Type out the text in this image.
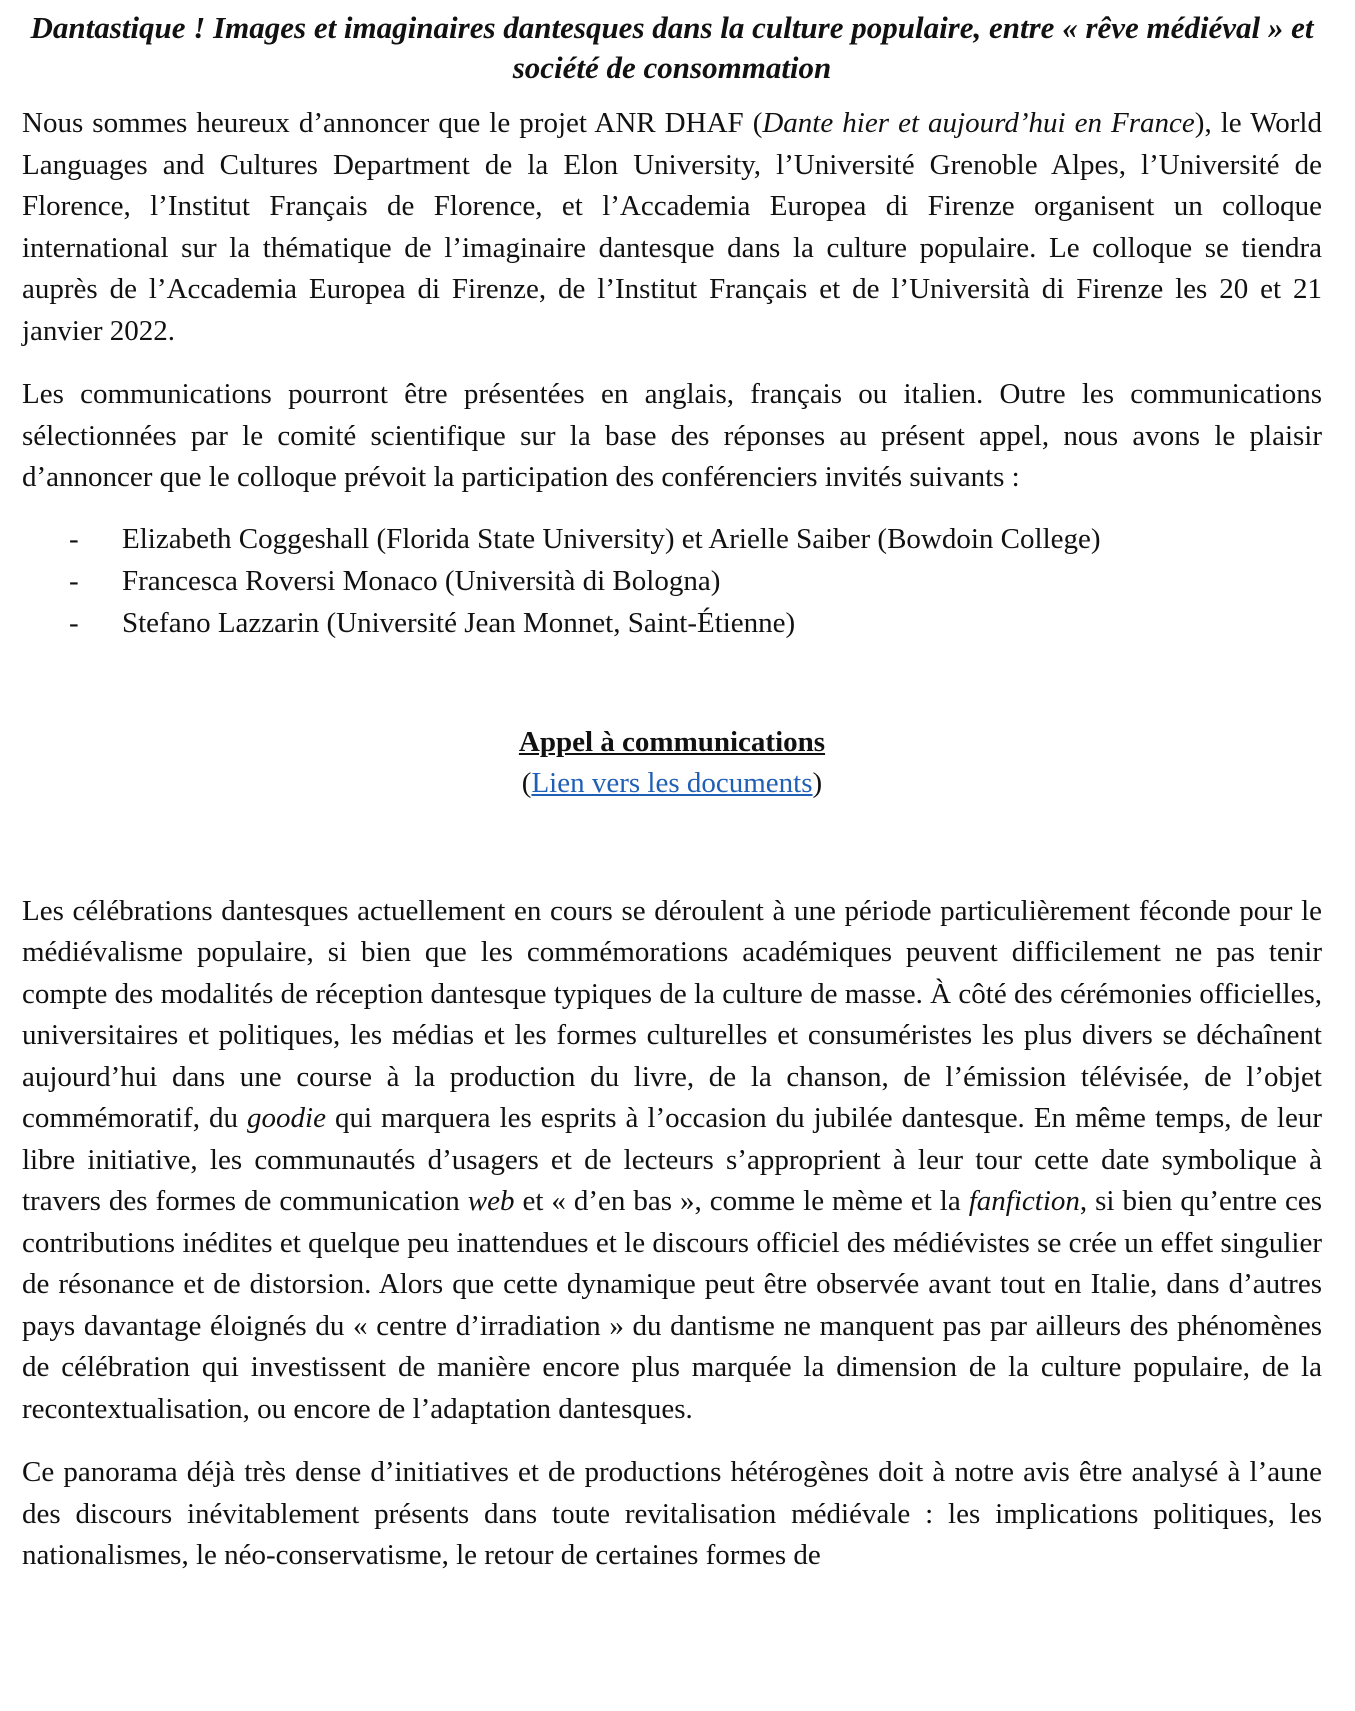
Dantastique ! Images et imaginaires dantesques dans la culture populaire, entre « rêve médiéval » et société de consommation

Nous sommes heureux d’annoncer que le projet ANR DHAF (Dante hier et aujourd’hui en France), le World Languages and Cultures Department de la Elon University, l’Université Grenoble Alpes, l’Université de Florence, l’Institut Français de Florence, et l’Accademia Europea di Firenze organisent un colloque international sur la thématique de l’imaginaire dantesque dans la culture populaire. Le colloque se tiendra auprès de l’Accademia Europea di Firenze, de l’Institut Français et de l’Università di Firenze les 20 et 21 janvier 2022.

Les communications pourront être présentées en anglais, français ou italien. Outre les communications sélectionnées par le comité scientifique sur la base des réponses au présent appel, nous avons le plaisir d’annoncer que le colloque prévoit la participation des conférenciers invités suivants :

- Elizabeth Coggeshall (Florida State University) et Arielle Saiber (Bowdoin College)
- Francesca Roversi Monaco (Università di Bologna)
- Stefano Lazzarin (Université Jean Monnet, Saint-Étienne)
Appel à communications
(Lien vers les documents)

Les célébrations dantesques actuellement en cours se déroulent à une période particulièrement féconde pour le médiévalisme populaire, si bien que les commémorations académiques peuvent difficilement ne pas tenir compte des modalités de réception dantesque typiques de la culture de masse. À côté des cérémonies officielles, universitaires et politiques, les médias et les formes culturelles et consuméristes les plus divers se déchaînent aujourd’hui dans une course à la production du livre, de la chanson, de l’émission télévisée, de l’objet commémoratif, du goodie qui marquera les esprits à l’occasion du jubilée dantesque. En même temps, de leur libre initiative, les communautés d’usagers et de lecteurs s’approprient à leur tour cette date symbolique à travers des formes de communication web et « d’en bas », comme le mème et la fanfiction, si bien qu’entre ces contributions inédites et quelque peu inattendues et le discours officiel des médiévistes se crée un effet singulier de résonance et de distorsion. Alors que cette dynamique peut être observée avant tout en Italie, dans d’autres pays davantage éloignés du « centre d’irradiation » du dantisme ne manquent pas par ailleurs des phénomènes de célébration qui investissent de manière encore plus marquée la dimension de la culture populaire, de la recontextualisation, ou encore de l’adaptation dantesques.

Ce panorama déjà très dense d’initiatives et de productions hétérogènes doit à notre avis être analysé à l’aune des discours inévitablement présents dans toute revitalisation médiévale : les implications politiques, les nationalismes, le néo-conservatisme, le retour de certaines formes de
